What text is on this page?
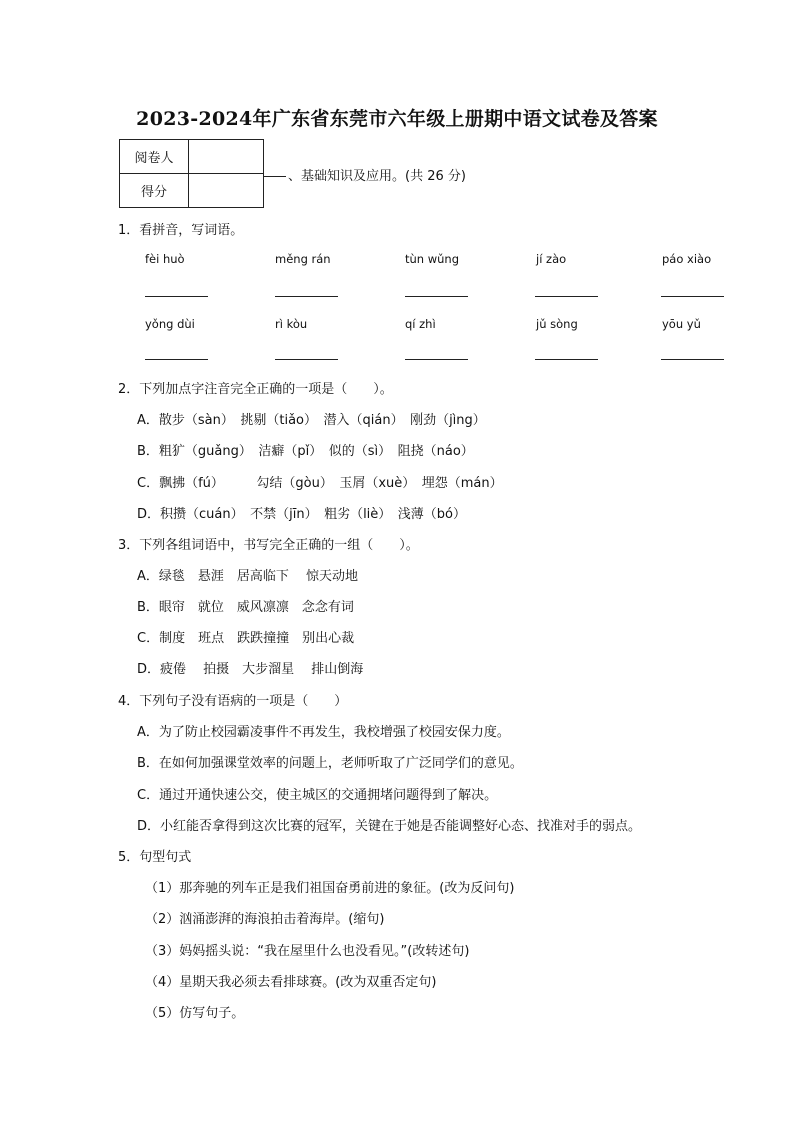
2023-2024年广东省东莞市六年级上册期中语文试卷及答案
阅卷人	
得分	
、基础知识及应用。(共 26 分)
1．看拼音，写词语。
fèi huò	měng rán	tùn wǔng	jí zào	páo xiào
yǒng dùi	rì kòu	qí zhì	jǔ sòng	yōu yǔ
2．下列加点字注音完全正确的一项是（　　）。
A．散步（sàn）　挑剔（tiǎo）　潜入（qián）　刚劲（jìng）
B．粗犷（guǎng）　洁癖（pǐ）　似的（sì）　阻挠（náo）
C．飘拂（fú）　　　勾结（gòu）　玉屑（xuè）　埋怨（mán）
D．积攒（cuán）　不禁（jīn）　粗劣（liè）　浅薄（bó）
3．下列各组词语中，书写完全正确的一组（　　）。
A．绿毯　悬涯　居高临下　 惊天动地
B．眼帘　就位　威风凛凛　念念有词
C．制度　班点　跌跌撞撞　别出心裁
D．疲倦　 拍摄　大步溜星　 排山倒海
4．下列句子没有语病的一项是（　　）
A．为了防止校园霸凌事件不再发生，我校增强了校园安保力度。
B．在如何加强课堂效率的问题上，老师听取了广泛同学们的意见。
C．通过开通快速公交，使主城区的交通拥堵问题得到了解决。
D．小红能否拿得到这次比赛的冠军，关键在于她是否能调整好心态、找准对手的弱点。
5．句型句式
（1）那奔驰的列车正是我们祖国奋勇前进的象征。(改为反问句)
（2）汹涌澎湃的海浪拍击着海岸。(缩句)
（3）妈妈摇头说：“我在屋里什么也没看见。”(改转述句)
（4）星期天我必须去看排球赛。(改为双重否定句)
（5）仿写句子。
